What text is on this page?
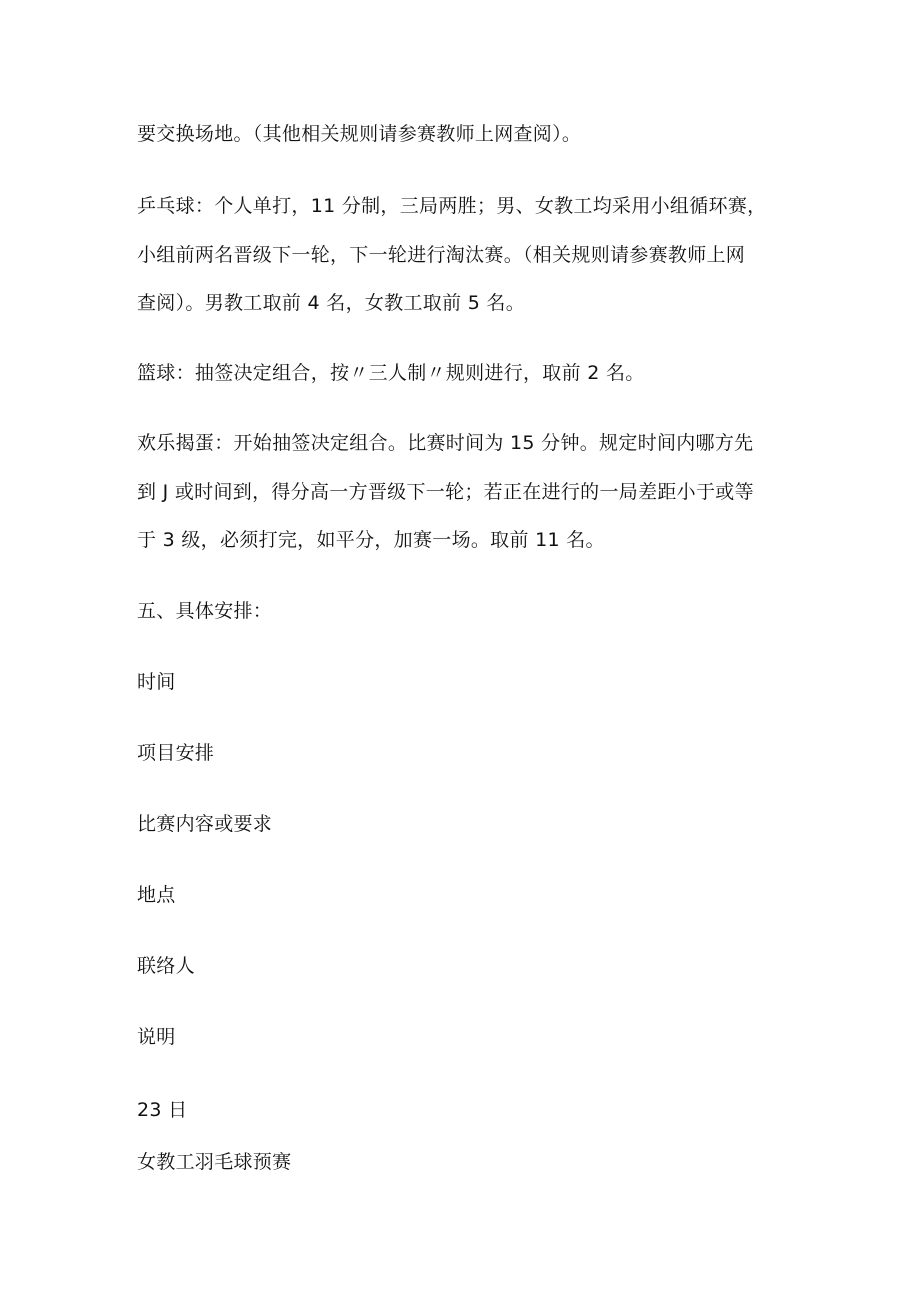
要交换场地。（其他相关规则请参赛教师上网查阅）。
乒乓球：个人单打，11 分制，三局两胜；男、女教工均采用小组循环赛，
小组前两名晋级下一轮，下一轮进行淘汰赛。（相关规则请参赛教师上网
查阅）。男教工取前 4 名，女教工取前 5 名。
篮球：抽签决定组合，按〃三人制〃规则进行，取前 2 名。
欢乐揭蛋：开始抽签决定组合。比赛时间为 15 分钟。规定时间内哪方先
到 J 或时间到，得分高一方晋级下一轮；若正在进行的一局差距小于或等
于 3 级，必须打完，如平分，加赛一场。取前 11 名。
五、具体安排：
时间
项目安排
比赛内容或要求
地点
联络人
说明
23 日
女教工羽毛球预赛
